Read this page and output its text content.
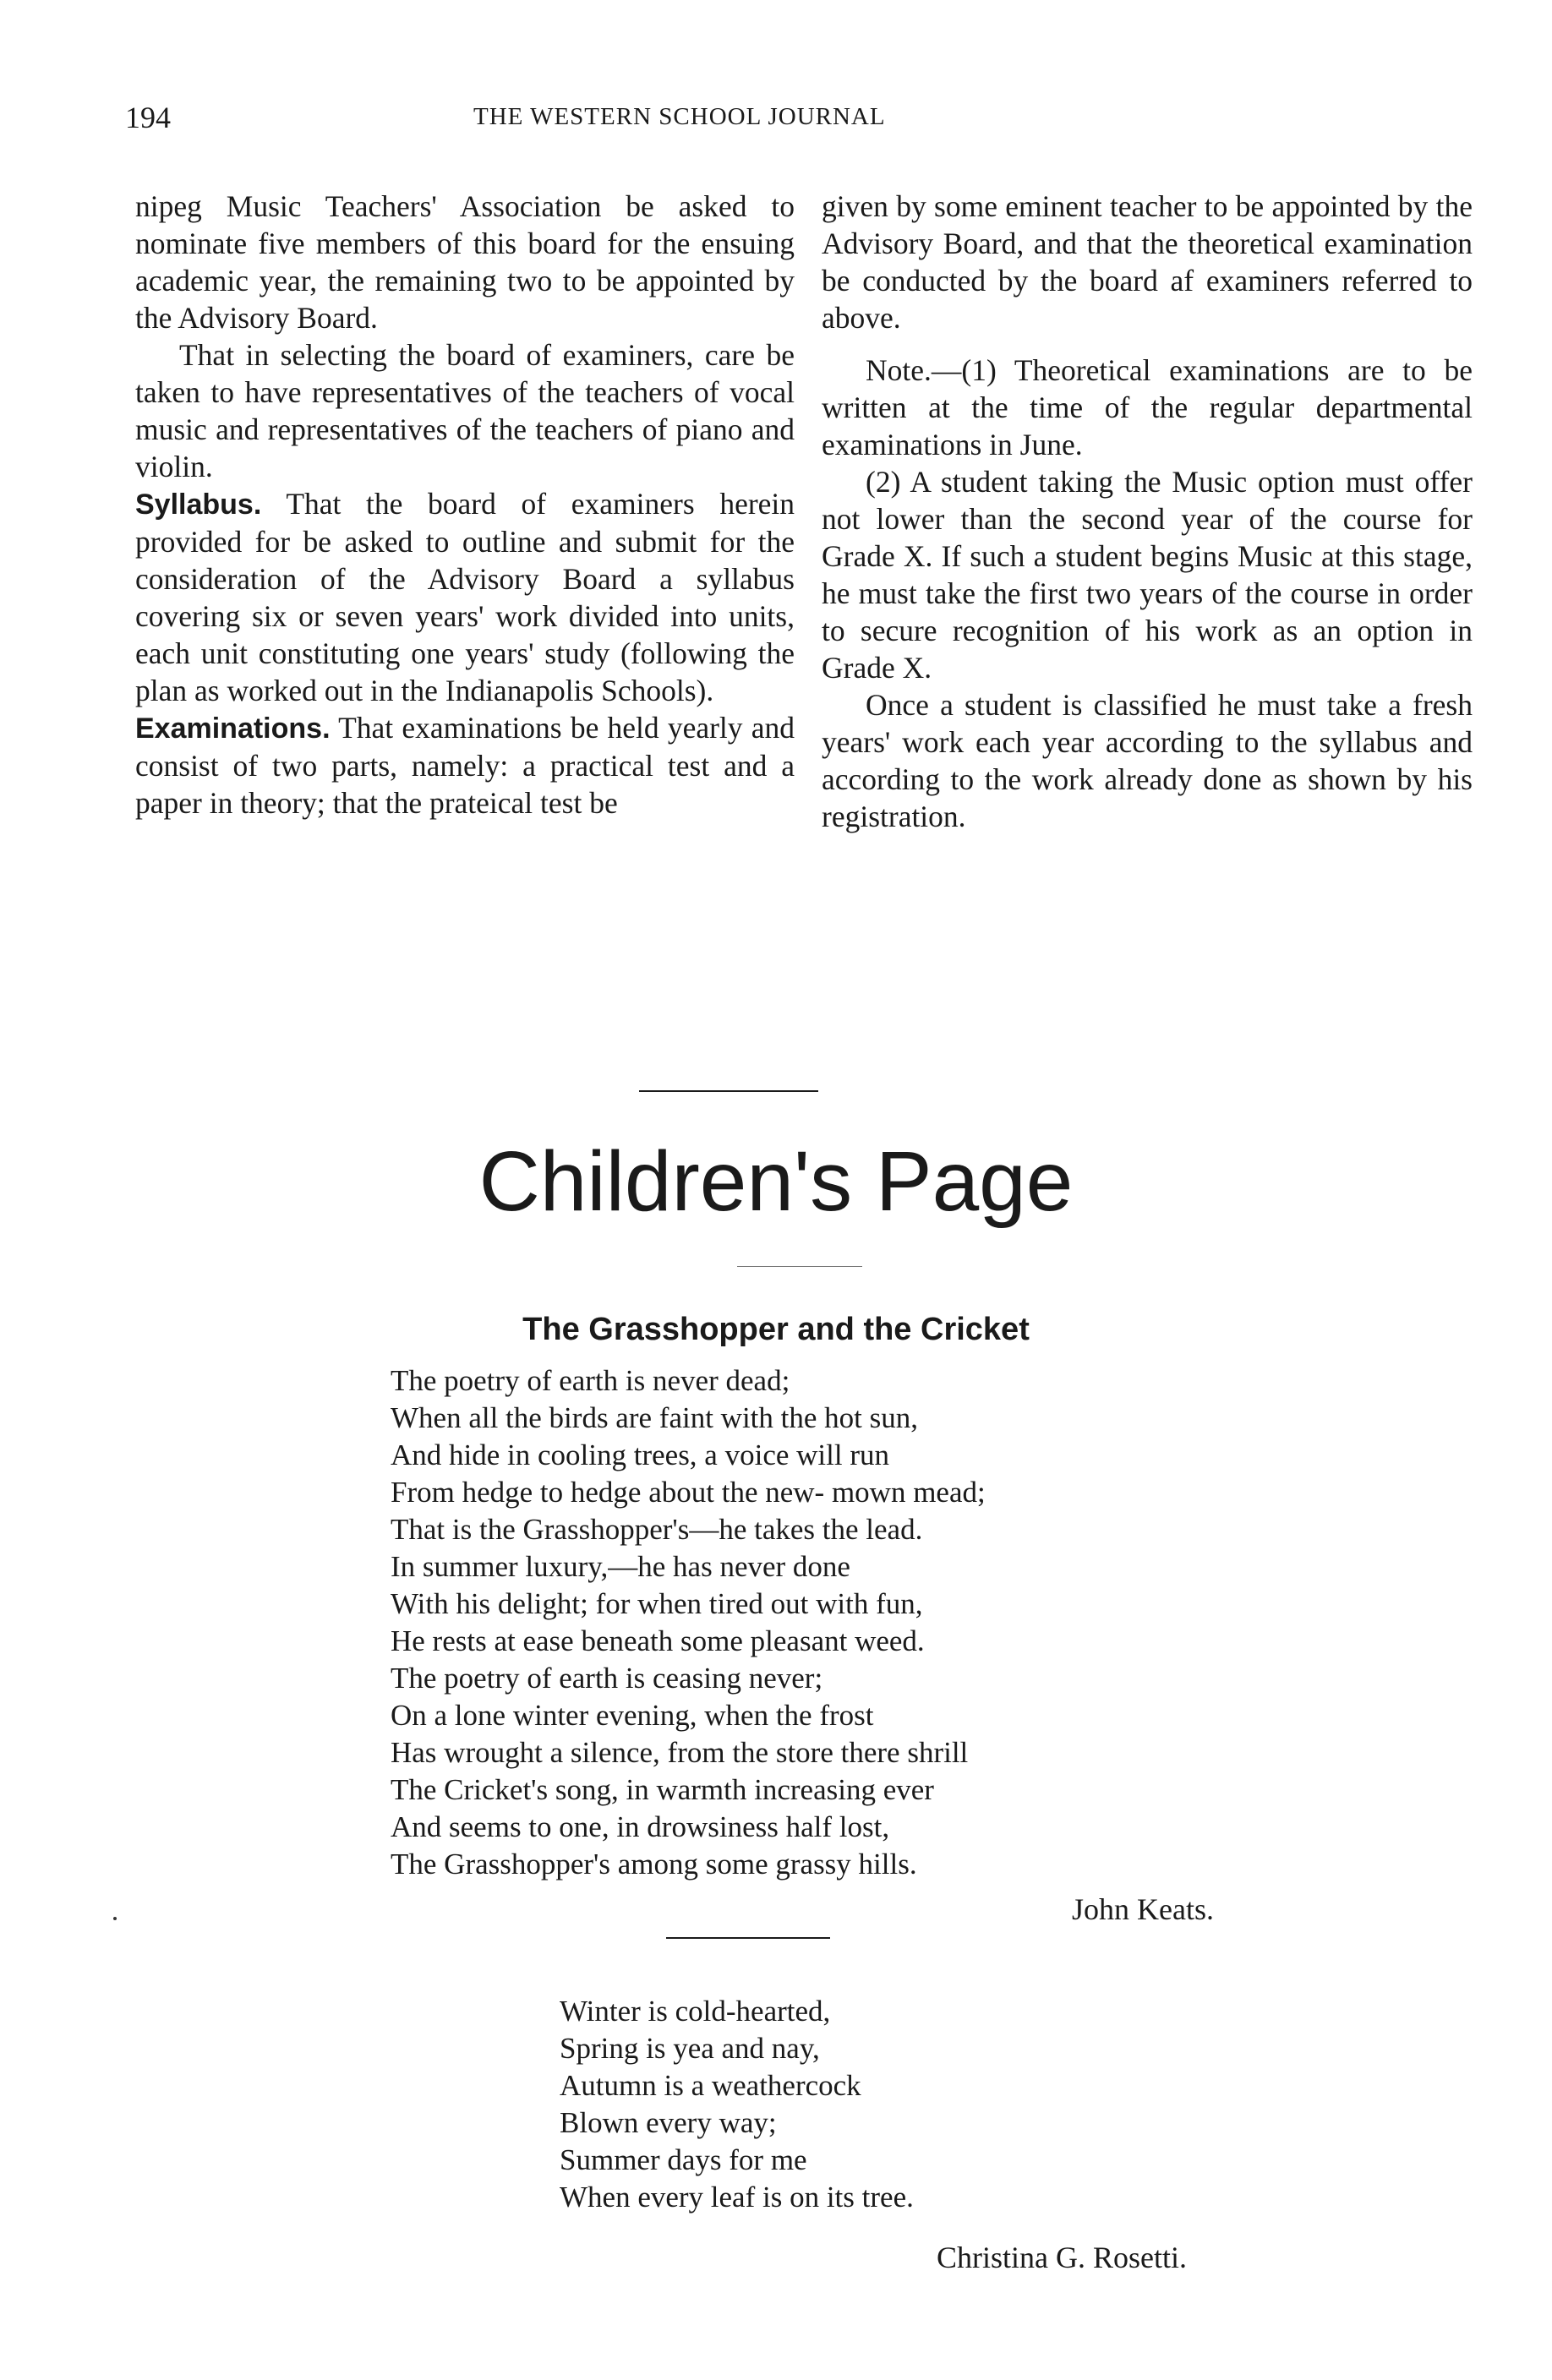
194	THE WESTERN SCHOOL JOURNAL

nipeg Music Teachers' Association be asked to nominate five members of this board for the ensuing academic year, the remaining two to be appointed by the Advisory Board.

That in selecting the board of examiners, care be taken to have representatives of the teachers of vocal music and representatives of the teachers of piano and violin.

Syllabus. That the board of examiners herein provided for be asked to outline and submit for the consideration of the Advisory Board a syllabus covering six or seven years' work divided into units, each unit constituting one years' study (following the plan as worked out in the Indianapolis Schools).

Examinations. That examinations be held yearly and consist of two parts, namely: a practical test and a paper in theory; that the prateical test be

given by some eminent teacher to be appointed by the Advisory Board, and that the theoretical examination be conducted by the board af examiners referred to above.

Note.—(1) Theoretical examinations are to be written at the time of the regular departmental examinations in June.

(2) A student taking the Music option must offer not lower than the second year of the course for Grade X. If such a student begins Music at this stage, he must take the first two years of the course in order to secure recognition of his work as an option in Grade X.

Once a student is classified he must take a fresh years' work each year according to the syllabus and according to the work already done as shown by his registration.

Children's Page
The Grasshopper and the Cricket
The poetry of earth is never dead;
When all the birds are faint with the hot sun,
And hide in cooling trees, a voice will run
From hedge to hedge about the new- mown mead;
That is the Grasshopper's—he takes the lead.
In summer luxury,—he has never done
With his delight; for when tired out with fun,
He rests at ease beneath some pleasant weed.
The poetry of earth is ceasing never;
On a lone winter evening, when the frost
Has wrought a silence, from the store there shrill
The Cricket's song, in warmth increasing ever
And seems to one, in drowsiness half lost,
The Grasshopper's among some grassy hills.
John Keats.
Winter is cold-hearted,
Spring is yea and nay,
Autumn is a weathercock
Blown every way;
Summer days for me
When every leaf is on its tree.
Christina G. Rosetti.
